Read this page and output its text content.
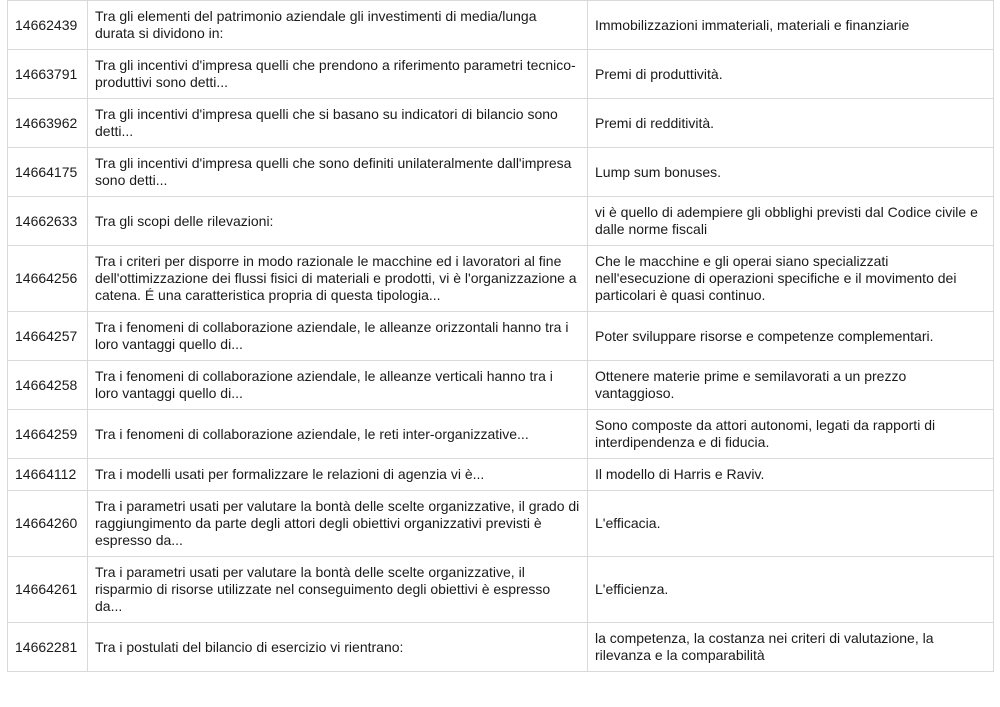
14662439	Tra gli elementi del patrimonio aziendale gli investimenti di media/lunga durata si dividono in:	Immobilizzazioni immateriali, materiali e finanziarie
14663791	Tra gli incentivi d'impresa quelli che prendono a riferimento parametri tecnico-produttivi sono detti...	Premi di produttività.
14663962	Tra gli incentivi d'impresa quelli che si basano su indicatori di bilancio sono detti...	Premi di redditività.
14664175	Tra gli incentivi d'impresa quelli che sono definiti unilateralmente dall'impresa sono detti...	Lump sum bonuses.
14662633	Tra gli scopi delle rilevazioni:	vi è quello di adempiere gli obblighi previsti dal Codice civile e dalle norme fiscali
14664256	Tra i criteri per disporre in modo razionale le macchine ed i lavoratori al fine dell'ottimizzazione dei flussi fisici di materiali e prodotti, vi è l'organizzazione a catena. É una caratteristica propria di questa tipologia...	Che le macchine e gli operai siano specializzati nell'esecuzione di operazioni specifiche e il movimento dei particolari è quasi continuo.
14664257	Tra i fenomeni di collaborazione aziendale, le alleanze orizzontali hanno tra i loro vantaggi quello di...	Poter sviluppare risorse e competenze complementari.
14664258	Tra i fenomeni di collaborazione aziendale, le alleanze verticali hanno tra i loro vantaggi quello di...	Ottenere materie prime e semilavorati a un prezzo vantaggioso.
14664259	Tra i fenomeni di collaborazione aziendale, le reti inter-organizzative...	Sono composte da attori autonomi, legati da rapporti di interdipendenza e di fiducia.
14664112	Tra i modelli usati per formalizzare le relazioni di agenzia vi è...	Il modello di Harris e Raviv.
14664260	Tra i parametri usati per valutare la bontà delle scelte organizzative, il grado di raggiungimento da parte degli attori degli obiettivi organizzativi previsti è espresso da...	L'efficacia.
14664261	Tra i parametri usati per valutare la bontà delle scelte organizzative, il risparmio di risorse utilizzate nel conseguimento degli obiettivi è espresso da...	L'efficienza.
14662281	Tra i postulati del bilancio di esercizio vi rientrano:	la competenza, la costanza nei criteri di valutazione, la rilevanza e la comparabilità
